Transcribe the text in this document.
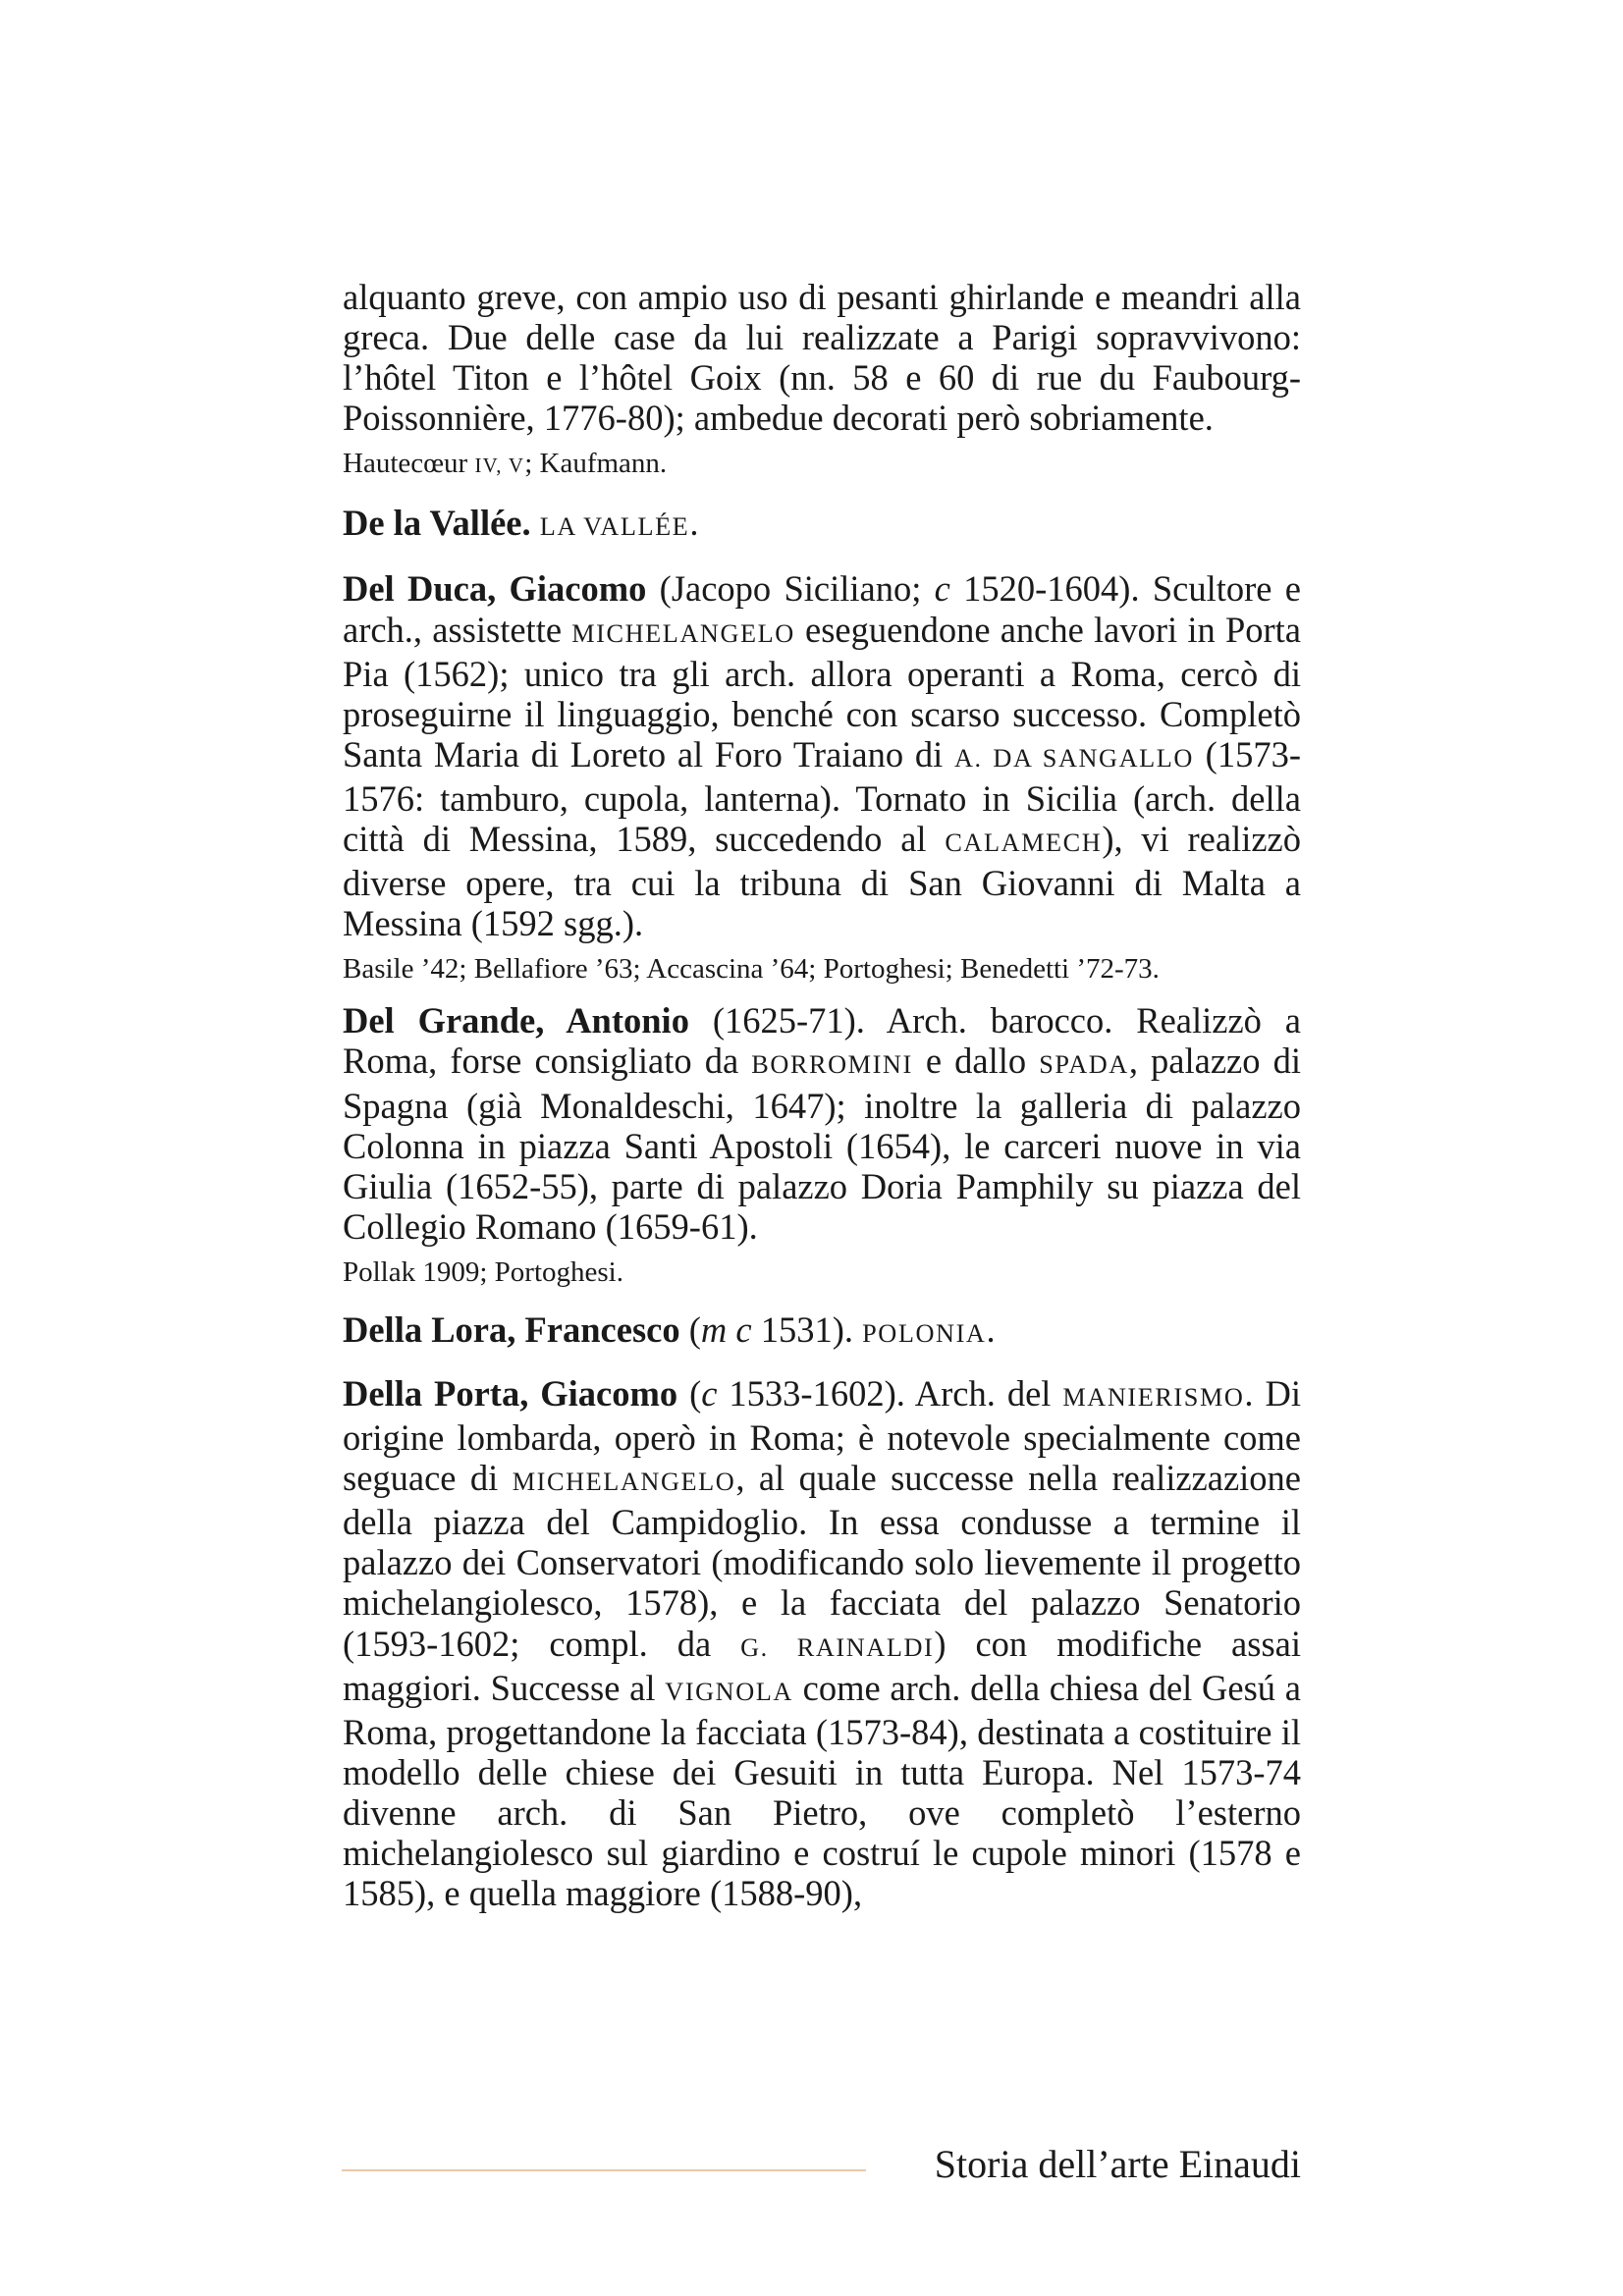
alquanto greve, con ampio uso di pesanti ghirlande e meandri alla greca. Due delle case da lui realizzate a Parigi sopravvivono: l’hôtel Titon e l’hôtel Goix (nn. 58 e 60 di rue du Faubourg-Poissonnière, 1776-80); ambedue decorati però sobriamente.

Hautecœur IV, V; Kaufmann.

De la Vallée. LA VALLÉE.

Del Duca, Giacomo (Jacopo Siciliano; c 1520-1604). Scultore e arch., assistette MICHELANGELO eseguendone anche lavori in Porta Pia (1562); unico tra gli arch. allora operanti a Roma, cercò di proseguirne il linguaggio, benché con scarso successo. Completò Santa Maria di Loreto al Foro Traiano di A. DA SANGALLO (1573-1576: tamburo, cupola, lanterna). Tornato in Sicilia (arch. della città di Messina, 1589, succedendo al CALAMECH), vi realizzò diverse opere, tra cui la tribuna di San Giovanni di Malta a Messina (1592 sgg.).

Basile ’42; Bellafiore ’63; Accascina ’64; Portoghesi; Benedetti ’72-73.

Del Grande, Antonio (1625-71). Arch. barocco. Realizzò a Roma, forse consigliato da BORROMINI e dallo SPADA, palazzo di Spagna (già Monaldeschi, 1647); inoltre la galleria di palazzo Colonna in piazza Santi Apostoli (1654), le carceri nuove in via Giulia (1652-55), parte di palazzo Doria Pamphily su piazza del Collegio Romano (1659-61).

Pollak 1909; Portoghesi.

Della Lora, Francesco (m c 1531). POLONIA.

Della Porta, Giacomo (c 1533-1602). Arch. del MANIERISMO. Di origine lombarda, operò in Roma; è notevole specialmente come seguace di MICHELANGELO, al quale successe nella realizzazione della piazza del Campidoglio. In essa condusse a termine il palazzo dei Conservatori (modificando solo lievemente il progetto michelangiolesco, 1578), e la facciata del palazzo Senatorio (1593-1602; compl. da G. RAINALDI) con modifiche assai maggiori. Successe al VIGNOLA come arch. della chiesa del Gesú a Roma, progettandone la facciata (1573-84), destinata a costituire il modello delle chiese dei Gesuiti in tutta Europa. Nel 1573-74 divenne arch. di San Pietro, ove completò l’esterno michelangiolesco sul giardino e costruí le cupole minori (1578 e 1585), e quella maggiore (1588-90),

Storia dell’arte Einaudi
